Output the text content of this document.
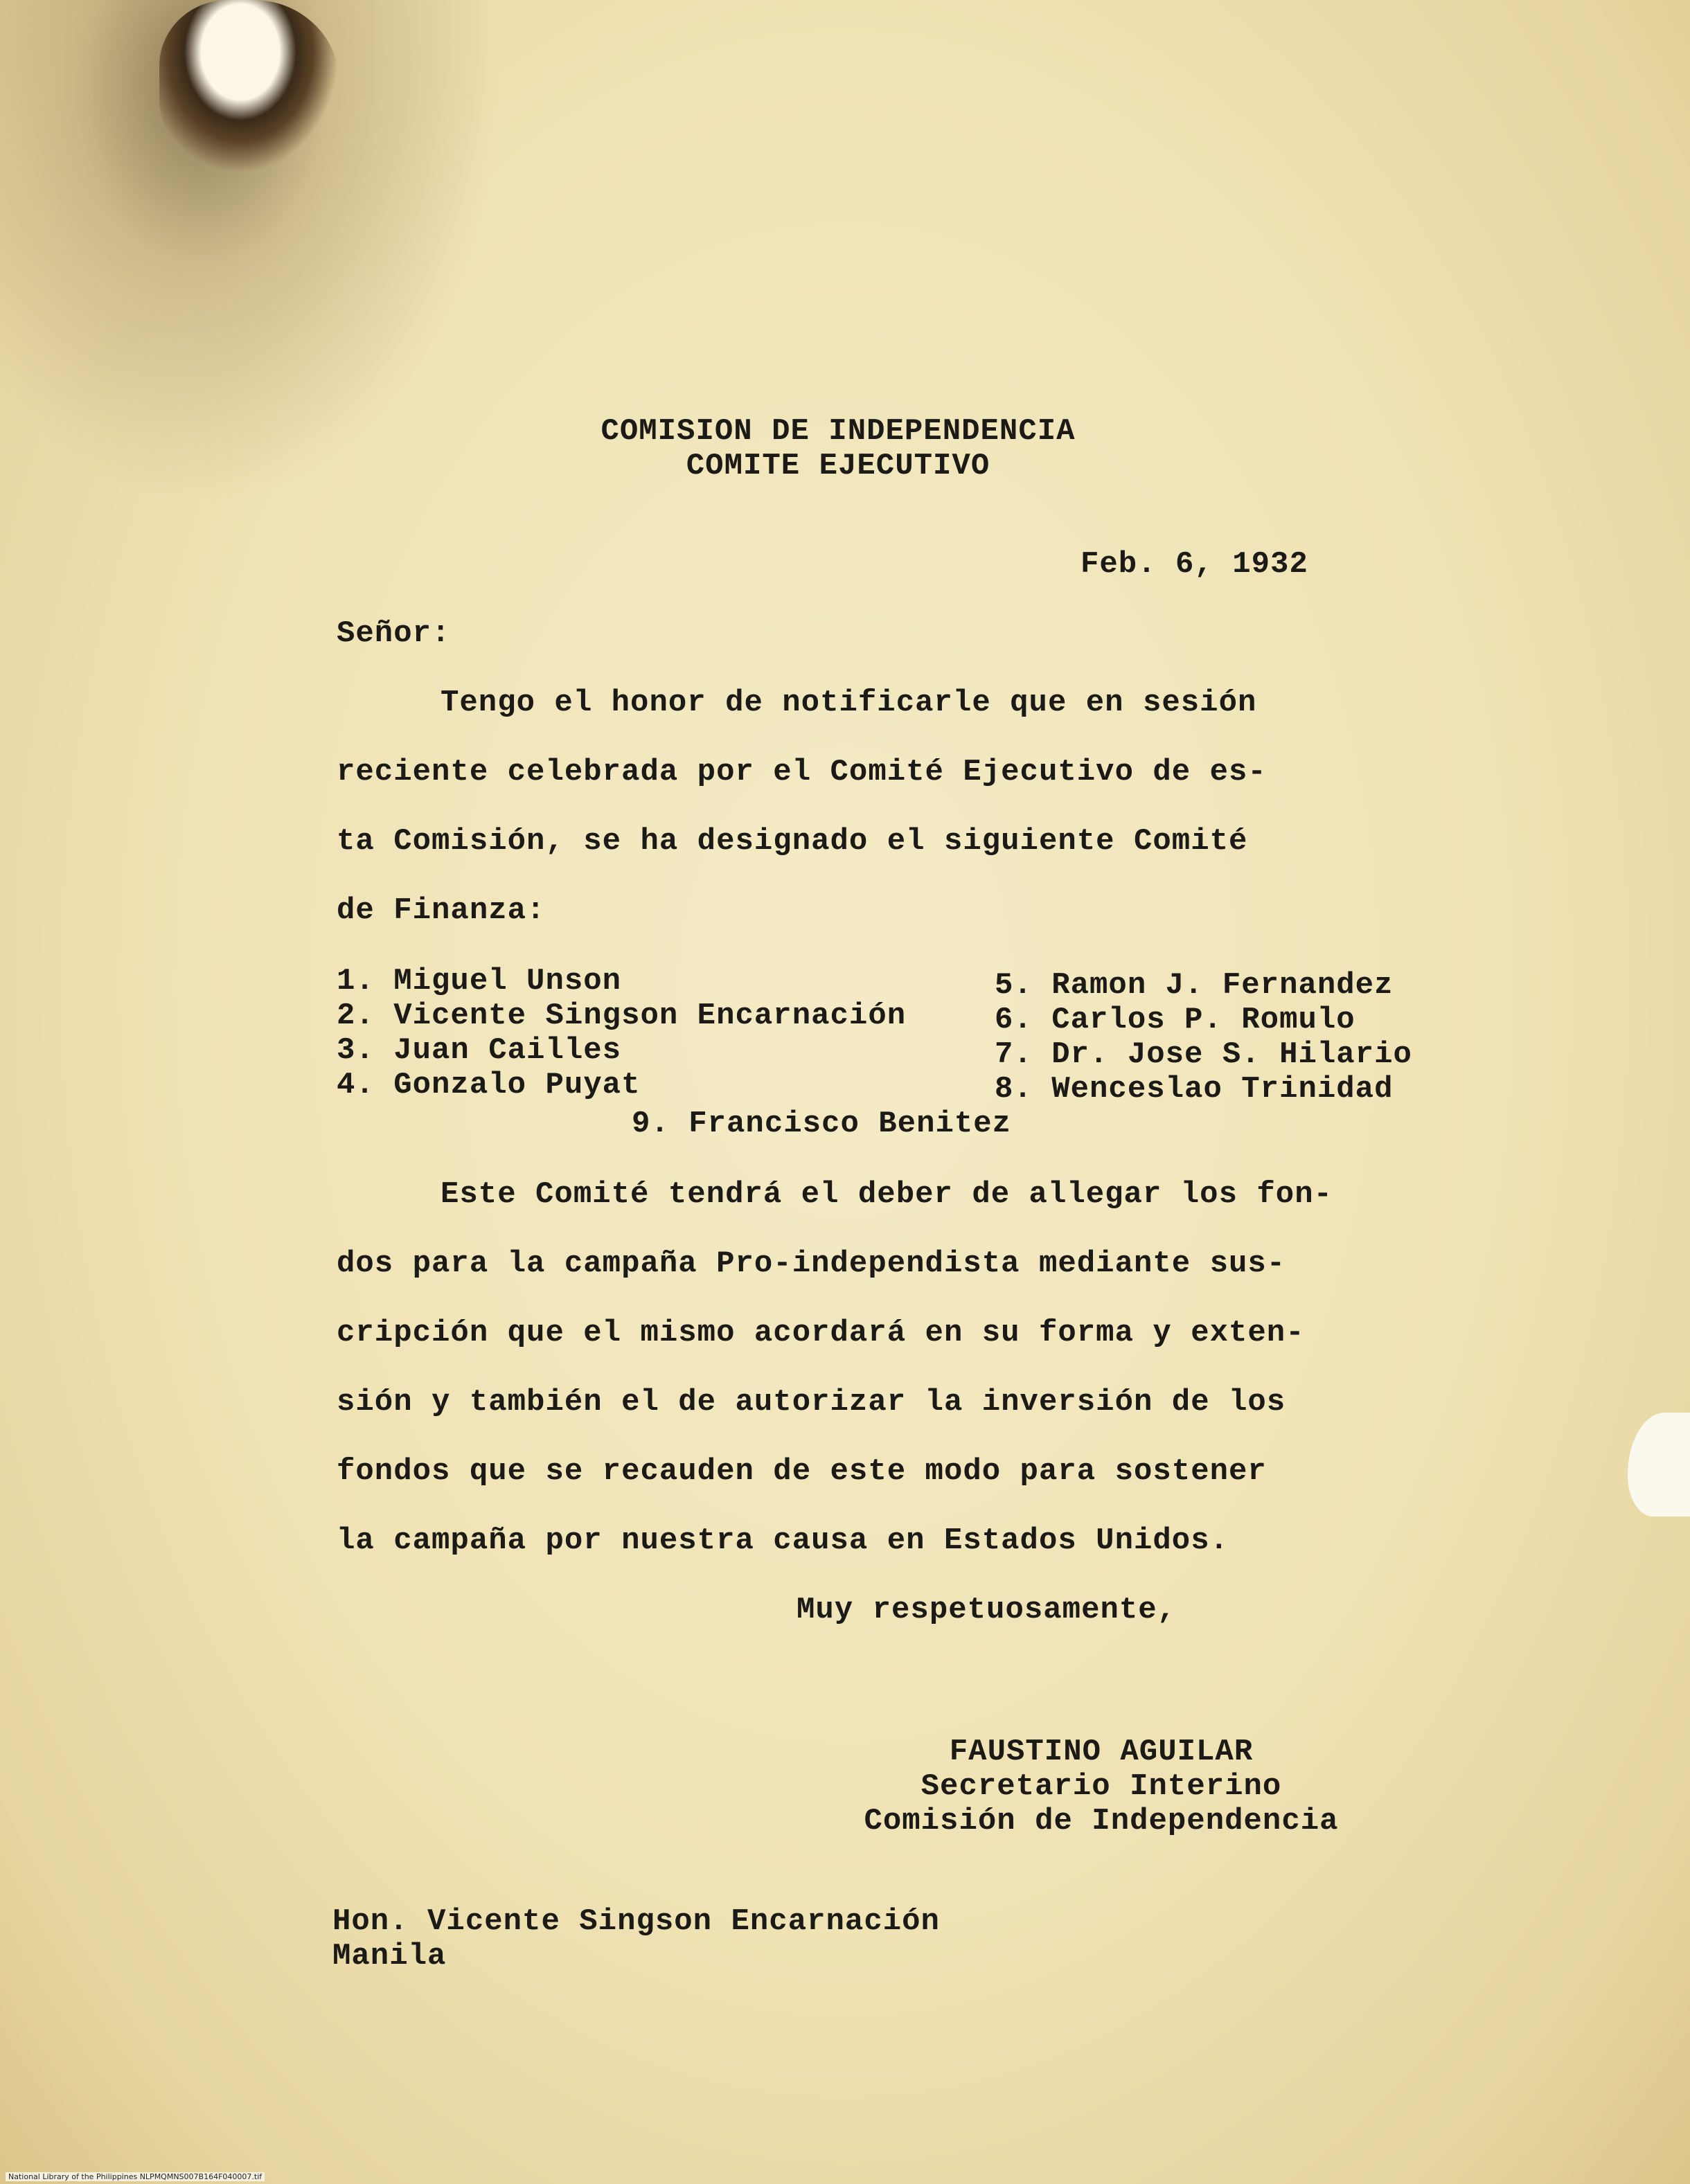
COMISION DE INDEPENDENCIA
COMITE EJECUTIVO
Feb. 6, 1932
Señor:
Tengo el honor de notificarle que en sesión
reciente celebrada por el Comité Ejecutivo de es-
ta Comisión, se ha designado el siguiente Comité
de Finanza:
1. Miguel Unson
2. Vicente Singson Encarnación
3. Juan Cailles
4. Gonzalo Puyat
5. Ramon J. Fernandez
6. Carlos P. Romulo
7. Dr. Jose S. Hilario
8. Wenceslao Trinidad
9. Francisco Benitez
Este Comité tendrá el deber de allegar los fon-
dos para la campaña Pro-independista mediante sus-
cripción que el mismo acordará en su forma y exten-
sión y también el de autorizar la inversión de los
fondos que se recauden de este modo para sostener
la campaña por nuestra causa en Estados Unidos.
Muy respetuosamente,
FAUSTINO AGUILAR
Secretario Interino
Comisión de Independencia
Hon. Vicente Singson Encarnación
Manila
National Library of the Philippines NLPMQMNS007B164F040007.tif
